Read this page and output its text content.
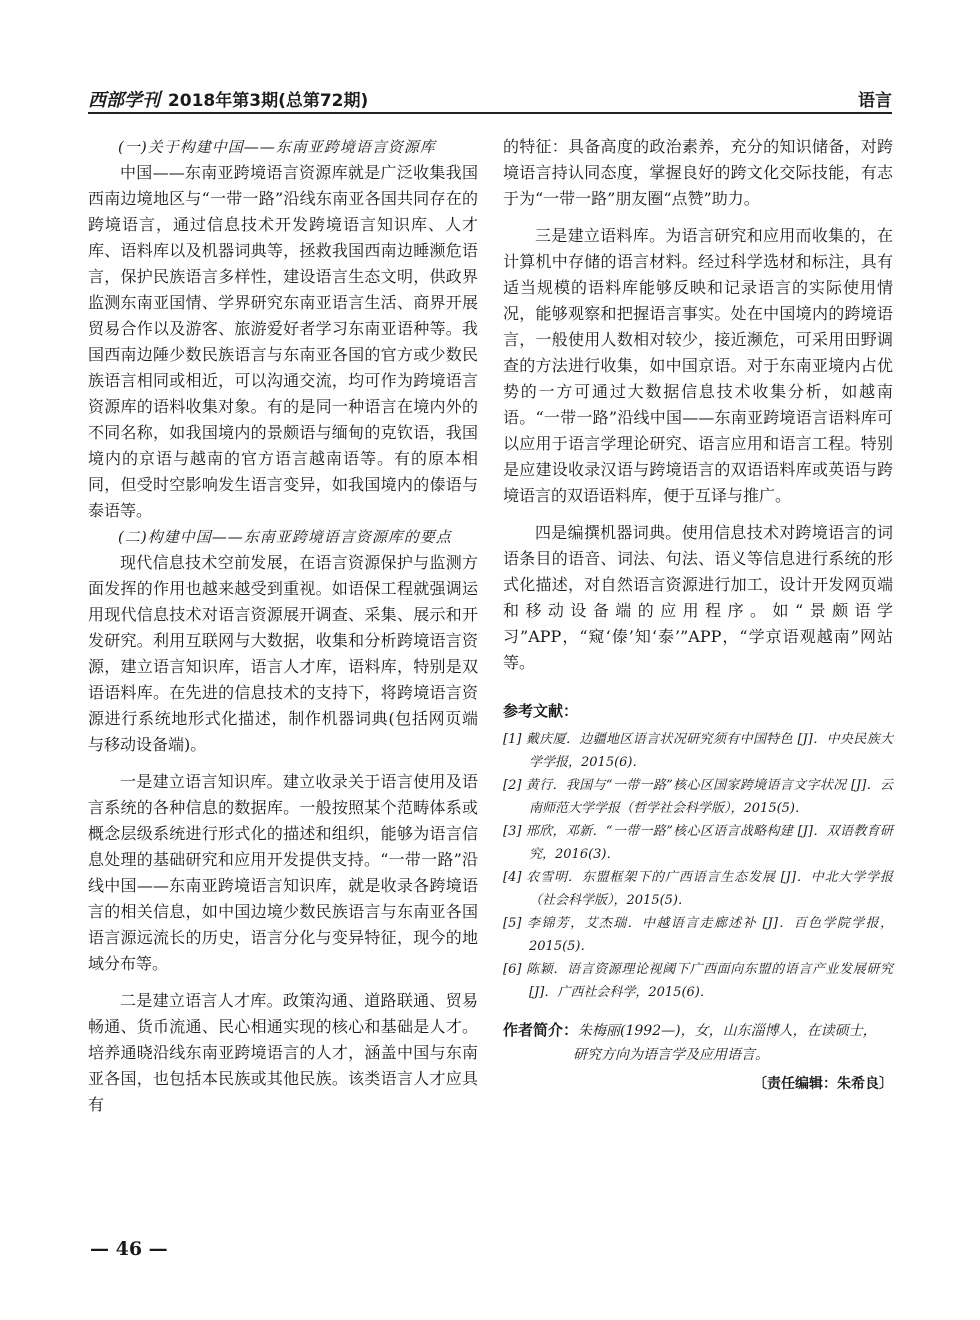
西部学刊 2018年第3期(总第72期)	语言

(一)关于构建中国——东南亚跨境语言资源库

中国——东南亚跨境语言资源库就是广泛收集我国西南边境地区与“一带一路”沿线东南亚各国共同存在的跨境语言，通过信息技术开发跨境语言知识库、人才库、语料库以及机器词典等，拯救我国西南边睡濒危语言，保护民族语言多样性，建设语言生态文明，供政界监测东南亚国情、学界研究东南亚语言生活、商界开展贸易合作以及游客、旅游爱好者学习东南亚语种等。我国西南边陲少数民族语言与东南亚各国的官方或少数民族语言相同或相近，可以沟通交流，均可作为跨境语言资源库的语料收集对象。有的是同一种语言在境内外的不同名称，如我国境内的景颇语与缅甸的克钦语，我国境内的京语与越南的官方语言越南语等。有的原本相同，但受时空影响发生语言变异，如我国境内的傣语与泰语等。

(二)构建中国——东南亚跨境语言资源库的要点

现代信息技术空前发展，在语言资源保护与监测方面发挥的作用也越来越受到重视。如语保工程就强调运用现代信息技术对语言资源展开调查、采集、展示和开发研究。利用互联网与大数据，收集和分析跨境语言资源，建立语言知识库，语言人才库，语料库，特别是双语语料库。在先进的信息技术的支持下，将跨境语言资源进行系统地形式化描述，制作机器词典(包括网页端与移动设备端)。

一是建立语言知识库。建立收录关于语言使用及语言系统的各种信息的数据库。一般按照某个范畴体系或概念层级系统进行形式化的描述和组织，能够为语言信息处理的基础研究和应用开发提供支持。“一带一路”沿线中国——东南亚跨境语言知识库，就是收录各跨境语言的相关信息，如中国边境少数民族语言与东南亚各国语言源远流长的历史，语言分化与变异特征，现今的地域分布等。

二是建立语言人才库。政策沟通、道路联通、贸易畅通、货币流通、民心相通实现的核心和基础是人才。培养通晓沿线东南亚跨境语言的人才，涵盖中国与东南亚各国，也包括本民族或其他民族。该类语言人才应具有

的特征：具备高度的政治素养，充分的知识储备，对跨境语言持认同态度，掌握良好的跨文化交际技能，有志于为“一带一路”朋友圈“点赞”助力。

三是建立语料库。为语言研究和应用而收集的，在计算机中存储的语言材料。经过科学选材和标注，具有适当规模的语料库能够反映和记录语言的实际使用情况，能够观察和把握语言事实。处在中国境内的跨境语言，一般使用人数相对较少，接近濒危，可采用田野调查的方法进行收集，如中国京语。对于东南亚境内占优势的一方可通过大数据信息技术收集分析，如越南语。“一带一路”沿线中国——东南亚跨境语言语料库可以应用于语言学理论研究、语言应用和语言工程。特别是应建设收录汉语与跨境语言的双语语料库或英语与跨境语言的双语语料库，便于互译与推广。

四是编撰机器词典。使用信息技术对跨境语言的词语条目的语音、词法、句法、语义等信息进行系统的形式化描述，对自然语言资源进行加工，设计开发网页端和移动设备端的应用程序。如“景颇语学习”APP，“窥‘傣’知‘泰’”APP，“学京语观越南”网站等。

参考文献：

[1] 戴庆厦．边疆地区语言状况研究须有中国特色 [J]．中央民族大学学报，2015(6)．

[2] 黄行．我国与“一带一路”核心区国家跨境语言文字状况 [J]．云南师范大学学报（哲学社会科学版），2015(5)．

[3] 邢欣，邓新．“一带一路”核心区语言战略构建 [J]．双语教育研究，2016(3)．

[4] 农雪明．东盟框架下的广西语言生态发展 [J]．中北大学学报（社会科学版），2015(5)．

[5] 李锦芳，艾杰瑞．中越语言走廊述补 [J]．百色学院学报，2015(5)．

[6] 陈颖．语言资源理论视阈下广西面向东盟的语言产业发展研究 [J]．广西社会科学，2015(6)．

作者简介：朱梅丽(1992—)，女，山东淄博人，在读硕士，
研究方向为语言学及应用语言。
〔责任编辑：朱希良〕
— 46 —
